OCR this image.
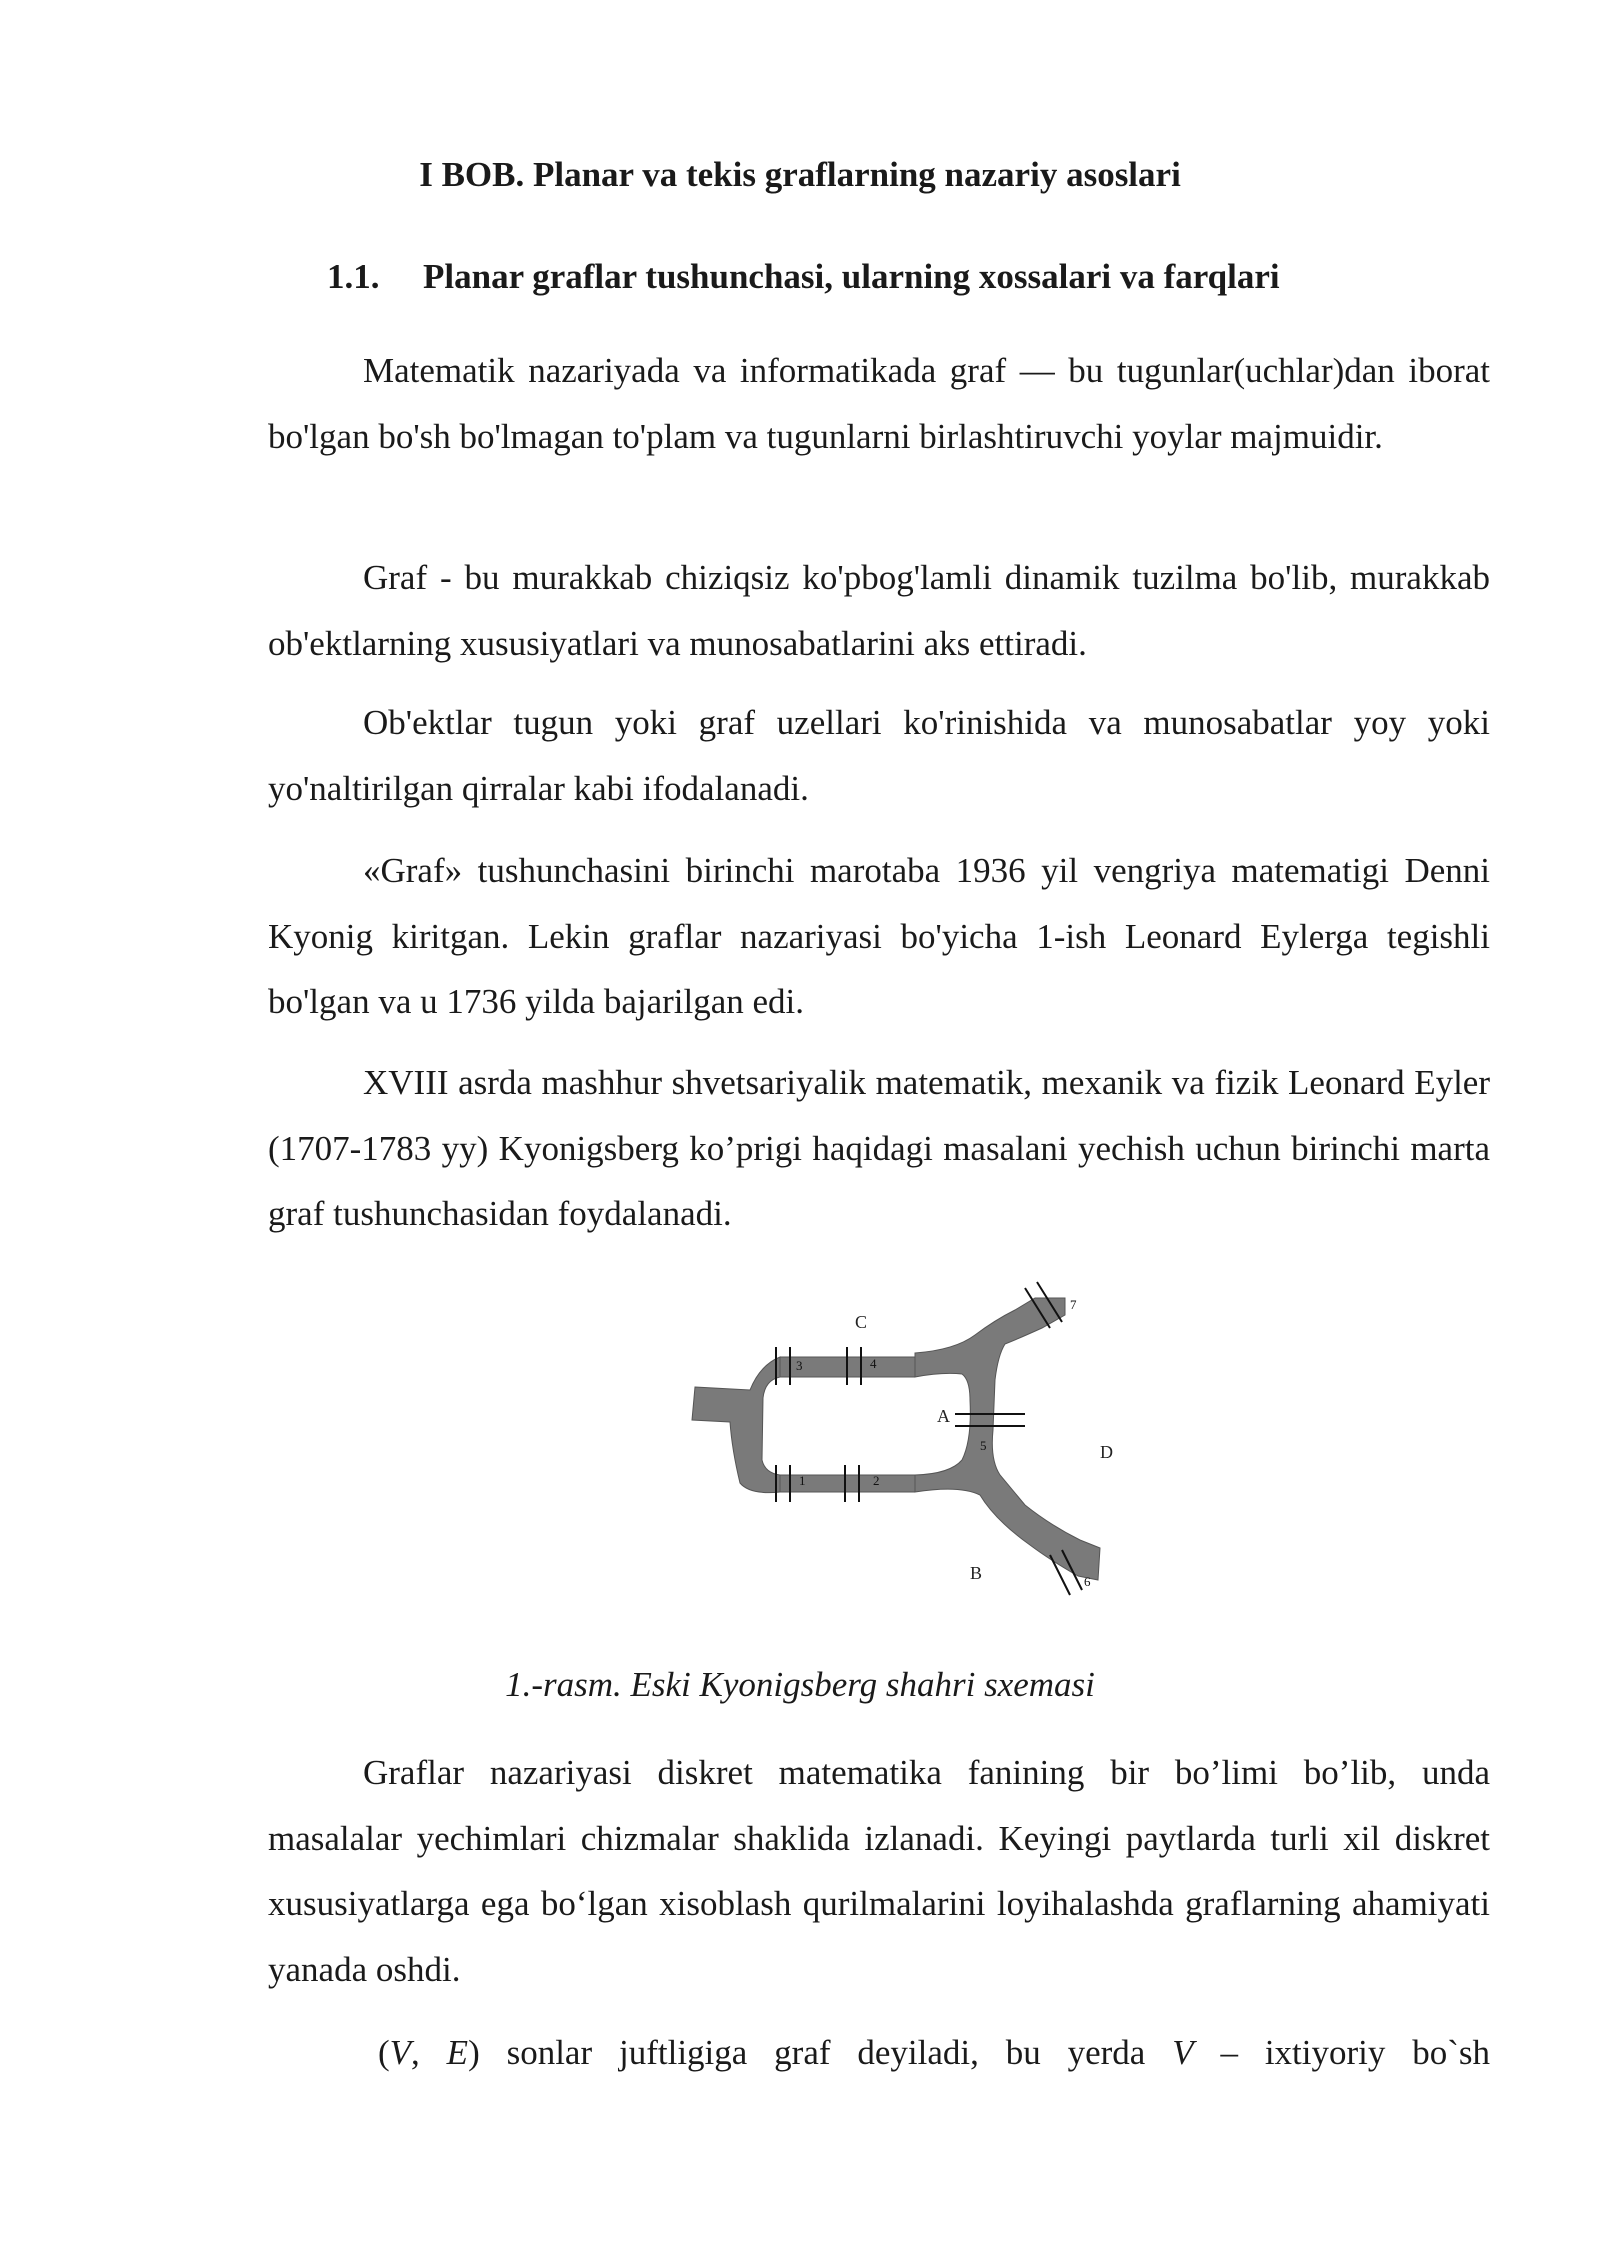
I BOB. Planar va tekis graflarning nazariy asoslari
1.1. Planar graflar tushunchasi, ularning xossalari va farqlari

Matematik nazariyada va informatikada graf — bu tugunlar(uchlar)dan iborat bo'lgan bo'sh bo'lmagan to'plam va tugunlarni birlashtiruvchi yoylar majmuidir.

Graf - bu murakkab chiziqsiz ko'pbog'lamli dinamik tuzilma bo'lib, murakkab ob'ektlarning xususiyatlari va munosabatlarini aks ettiradi.

Ob'ektlar tugun yoki graf uzellari ko'rinishida va munosabatlar yoy yoki yo'naltirilgan qirralar kabi ifodalanadi.

«Graf» tushunchasini birinchi marotaba 1936 yil vengriya matematigi Denni Kyonig kiritgan. Lekin graflar nazariyasi bo'yicha 1-ish Leonard Eylerga tegishli bo'lgan va u 1736 yilda bajarilgan edi.

XVIII asrda mashhur shvetsariyalik matematik, mexanik va fizik Leonard Eyler (1707-1783 yy) Kyonigsberg ko’prigi haqidagi masalani yechish uchun birinchi marta graf tushunchasidan foydalanadi.

C
A
D
B
1	2
3	4
5
6
7
1.-rasm. Eski Kyonigsberg shahri sxemasi

Graflar nazariyasi diskret matematika fanining bir bo’limi bo’lib, unda masalalar yechimlari chizmalar shaklida izlanadi. Keyingi paytlarda turli xil diskret xususiyatlarga ega bo‘lgan xisoblash qurilmalarini loyihalashda graflarning ahamiyati yanada oshdi.

(V, E) sonlar juftligiga graf deyiladi, bu yerda V – ixtiyoriy bo`sh
